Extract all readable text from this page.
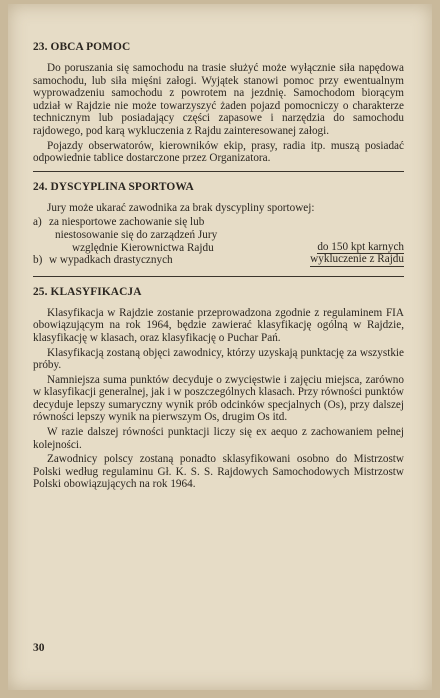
23. OBCA POMOC

Do poruszania się samochodu na trasie służyć może wyłącznie siła napędowa samochodu, lub siła mięśni załogi. Wyjątek stanowi pomoc przy ewentualnym wyprowadzeniu samochodu z powrotem na jezdnię. Samochodom biorącym udział w Rajdzie nie może towarzyszyć żaden pojazd pomocniczy o charakterze technicznym lub posiadający części zapasowe i narzędzia do samochodu rajdowego, pod karą wykluczenia z Rajdu zainteresowanej załogi.

Pojazdy obserwatorów, kierowników ekip, prasy, radia itp. muszą posiadać odpowiednie tablice dostarczone przez Organizatora.

24. DYSCYPLINA SPORTOWA

Jury może ukarać zawodnika za brak dyscypliny sportowej:

a) za niesportowe zachowanie się lub
niestosowanie się do zarządzeń Jury
względnie Kierownictwa Rajdu	do 150 kpt karnych
b) w wypadkach drastycznych	wykluczenie z Rajdu
25. KLASYFIKACJA

Klasyfikacja w Rajdzie zostanie przeprowadzona zgodnie z regulaminem FIA obowiązującym na rok 1964, będzie zawierać klasyfikację ogólną w Rajdzie, klasyfikację w klasach, oraz klasyfikację o Puchar Pań.

Klasyfikacją zostaną objęci zawodnicy, którzy uzyskają punktację za wszystkie próby.

Namniejsza suma punktów decyduje o zwycięstwie i zajęciu miejsca, zarówno w klasyfikacji generalnej, jak i w poszczególnych klasach. Przy równości punktów decyduje lepszy sumaryczny wynik prób odcinków specjalnych (Os), przy dalszej równości lepszy wynik na pierwszym Os, drugim Os itd.

W razie dalszej równości punktacji liczy się ex aequo z zachowaniem pełnej kolejności.

Zawodnicy polscy zostaną ponadto sklasyfikowani osobno do Mistrzostw Polski według regulaminu Gł. K. S. S. Rajdowych Samochodowych Mistrzostw Polski obowiązujących na rok 1964.

30
